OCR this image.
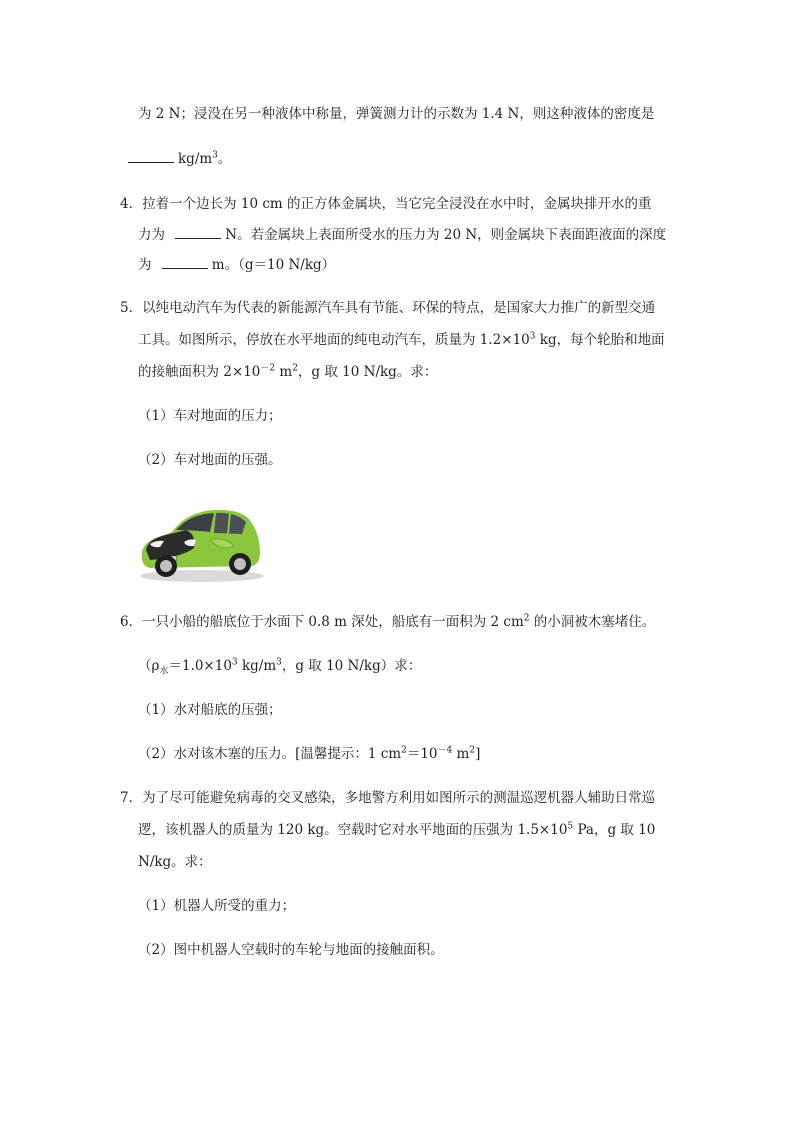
为 2 N；浸没在另一种液体中称量，弹簧测力计的示数为 1.4 N，则这种液体的密度是
$kg/m^3$。
4．拉着一个边长为 10 cm 的正方体金属块，当它完全浸没在水中时，金属块排开水的重
力为	N。若金属块上表面所受水的压力为 20 N，则金属块下表面距液面的深度
为	m。（g＝10 N/kg）
5．以纯电动汽车为代表的新能源汽车具有节能、环保的特点，是国家大力推广的新型交通
工具。如图所示，停放在水平地面的纯电动汽车，质量为 $1.2\times 10^3$ kg，每个轮胎和地面
的接触面积为 $2\times 10^{-2}$ $m^2$，g 取 10 N/kg。求：
（1）车对地面的压力；
（2）车对地面的压强。
6．一只小船的船底位于水面下 0.8 m 深处，船底有一面积为 2 $cm^2$ 的小洞被木塞堵住。
（$\rho_水=1.0\times 10^3$ $kg/m^3$，g 取 10 N/kg）求：
（1）水对船底的压强；
（2）水对该木塞的压力。[温馨提示：1 $cm^2=10^{-4}$ $m^2$]
7．为了尽可能避免病毒的交叉感染，多地警方利用如图所示的测温巡逻机器人辅助日常巡
逻，该机器人的质量为 120 kg。空载时它对水平地面的压强为 $1.5\times 10^5$ Pa，g 取 10
N/kg。求：
（1）机器人所受的重力；
（2）图中机器人空载时的车轮与地面的接触面积。
